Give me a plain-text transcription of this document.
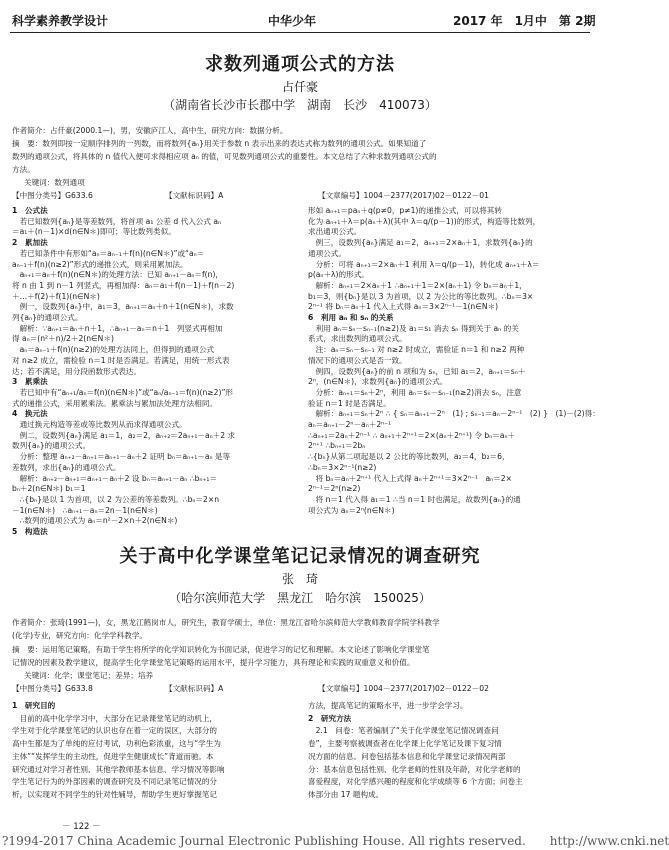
科学素养教学设计	中华少年	2017 年　1月中　第 2期
求数列通项公式的方法
占仟豪
（湖南省长沙市长郡中学　湖南　长沙　410073）
作者简介：占仟豪(2000.1—)，男，安徽庐江人，高中生，研究方向：数据分析。
摘　要：数列即按一定顺序排列的一列数，而将数列{aₙ}用关于参数 n 表示出来的表达式称为数列的通项公式。如果知道了
数列的通项公式，将具体的 n 值代入便可求得相应项 aₙ 的值，可见数列通项公式的重要性。本文总结了六种求数列通项公式的
方法。
关键词：数列通项
【中图分类号】G633.6	【文献标识码】A	【文章编号】1004－2377(2017)02－0122－01
1　公式法
　若已知数列{aₙ}是等差数列，将首项 a₁ 公差 d 代入公式 aₙ
＝a₁＋(n－1)×d(n∈N＊)即可；等比数列类似。
2　累加法
　若已知条件中有形如“aₙ＝aₙ₋₁＋f(n)(n∈N＊)”或“aₙ＝
aₙ₋₁＋f(n)(n≥2)”形式的递推公式，则采用累加法。
　aₙ₊₁＝aₙ＋f(n)(n∈N＊)的处理方法：已知 aₙ₊₁－aₙ＝f(n)，
将 n 由 1 到 n－1 列竖式，再相加得：aₙ＝a₁＋f(n－1)＋f(n－2)
＋…＋f(2)＋f(1)(n∈N＊)
　例一，设数列{aₙ}中，a₁＝3，aₙ₊₁＝aₙ＋n＋1(n∈N＊)，求数
列{aₙ}的通项公式。
　解析：∵aₙ₊₁＝aₙ＋n＋1，∴aₙ₊₁－aₙ＝n＋1　列竖式再相加
得 aₙ＝(n²＋n)/2＋2(n∈N＊)
　aₙ＝aₙ₋₁＋f(n)(n≥2)的处理方法同上，但得到的通项公式
对 n≥2 成立，需检验 n＝1 时是否满足。若满足，用统一形式表
达；若不满足，用分段函数形式表达。
3　累乘法
　若已知中有“aₙ₊₁/aₙ＝f(n)(n∈N＊)”或“aₙ/aₙ₋₁＝f(n)(n≥2)”形
式的递推公式，采用累乘法。累乘法与累加法处理方法相同。
4　换元法
　通过换元构造等差或等比数列从而求得通项公式。
　例二，设数列{aₙ}满足 a₁＝1，a₂＝2，aₙ₊₂＝2aₙ₊₁－aₙ＋2 求
数列{aₙ}的通项公式。
　分析：整理 aₙ₊₂－aₙ₊₁＝aₙ₊₁－aₙ＋2 证明 bₙ＝aₙ₊₁－aₙ 是等
差数列，求出{aₙ}的通项公式。
　解析：aₙ₊₂－aₙ₊₁＝aₙ₊₁－aₙ＋2 设 bₙ＝aₙ₊₁－aₙ ∴bₙ₊₁＝
bₙ＋2(n∈N＊) b₁＝1
　∴{bₙ}是以 1 为首项，以 2 为公差的等差数列。∴bₙ＝2×n
－1(n∈N＊)　∴aₙ₊₁－aₙ＝2n－1(n∈N＊)
　∴数列的通项公式为 aₙ＝n²－2×n＋2(n∈N＊)
5　构造法
形如 aₙ₊₁＝paₙ＋q(p≠0，p≠1)的递推公式，可以将其转
化为 aₙ₊₁＋λ＝p(aₙ＋λ)(其中 λ＝q/(p－1))的形式，构造等比数列，
求出通项公式。
　例三，设数列{aₙ}满足 a₁＝2，aₙ₊₁＝2×aₙ＋1，求数列{aₙ}的
通项公式。
　分析：可将 aₙ₊₁＝2×aₙ＋1 利用 λ＝q/(p－1)，转化成 aₙ₊₁＋λ＝
p(aₙ＋λ)的形式。
　解析：aₙ₊₁＝2×aₙ＋1 ∴aₙ₊₁＋1＝2×(aₙ＋1) 令 bₙ＝aₙ＋1，
b₁＝3，则{bₙ}是以 3 为首项，以 2 为公比的等比数列。∴bₙ＝3×
2ⁿ⁻¹ 将 bₙ＝aₙ＋1 代入上式得 aₙ＝3×2ⁿ⁻¹－1(n∈N＊)
6　利用 aₙ 和 sₙ 的关系
　利用 aₙ＝sₙ－sₙ₋₁(n≥2)及 a₁＝s₁ 消去 sₙ 得到关于 aₙ 的关
系式，求出数列的通项公式。
　注：aₙ＝sₙ－sₙ₋₁ 对 n≥2 时成立，需验证 n＝1 和 n≥2 两种
情况下的通项公式是否一致。
　例四，设数列{aₙ}的前 n 项和为 sₙ，已知 a₁＝2，aₙ₊₁＝sₙ＋
2ⁿ，(n∈N＊)，求数列{aₙ}的通项公式。
　分析：aₙ₊₁＝sₙ＋2ⁿ，利用 aₙ＝sₙ－sₙ₋₁(n≥2)消去 sₙ，注意
验证 n＝1 时是否满足。
　解析：aₙ₊₁＝sₙ＋2ⁿ ∴ { sₙ＝aₙ₊₁－2ⁿ　(1) ; sₙ₋₁＝aₙ－2ⁿ⁻¹　(2) }　(1)－(2)得：
aₙ＝aₙ₊₁－2ⁿ－aₙ＋2ⁿ⁻¹
∴aₙ₊₁＝2aₙ＋2ⁿ⁻¹ ∴ aₙ₊₁＋2ⁿ⁺¹＝2×(aₙ＋2ⁿ⁺¹) 令 bₙ＝aₙ＋
2ⁿ⁺¹ ∴bₙ₊₁＝2bₙ
∴{bₙ}从第二项起是以 2 公比的等比数列，a₂＝4，b₂＝6，
∴bₙ＝3×2ⁿ⁻¹(n≥2)
　将 bₙ＝aₙ＋2ⁿ⁺¹ 代入上式得 aₙ＋2ⁿ⁺¹＝3×2ⁿ⁻¹　aₙ＝2×
2ⁿ⁻¹＝2ⁿ(n≥2)
　将 n＝1 代入得 a₁＝1 ∴当 n＝1 时也满足，故数列{aₙ}的通
项公式为 aₙ＝2ⁿ(n∈N＊)
关于高中化学课堂笔记记录情况的调查研究
张　琦
（哈尔滨师范大学　黑龙江　哈尔滨　150025）
作者简介：张琦(1991—)，女，黑龙江鹤岗市人，研究生，教育学硕士，单位：黑龙江省哈尔滨师范大学教师教育学院学科教学
(化学)专业，研究方向：化学学科教学。
摘　要：运用笔记策略，有助于学生将所学的化学知识转化为书面记录，促进学习的记忆和理解。本文论述了影响化学课堂笔
记情况的因素及教学建议，提高学生化学课堂笔记策略的运用水平，提升学习能力，具有理论和实践的双重意义和价值。
关键词：化学；课堂笔记；差异；培养
【中图分类号】G633.8	【文献标识码】A	【文章编号】1004－2377(2017)02－0122－02
1　研究目的
　目前的高中化学学习中，大部分在记录课堂笔记的动机上，
学生对于化学课堂笔记的认识也存在着一定的误区，大部分的
高中生都是为了单纯的应付考试，功利色彩浓重，这与“学生为
主体”“发挥学生的主动性，促进学生健康成长”背道而驰。本
研究通过对学习者性别、其他学教师基本信息、学习情况等影响
学生笔记行为的外部因素的调查研究及不同记录笔记情况的分
析，以实现对不同学生的针对性辅导，帮助学生更好掌握笔记
方法，提高笔记的策略水平，进一步学会学习。
2　研究方法
　2.1　问卷：笔者编制了“关于化学课堂笔记情况调查问
卷”，主要考察被调查者在化学课上化学笔记及课下复习情
况方面的信息。问卷包括基本信息和化学课堂记录情况两部
分：基本信息包括性别、化学老师的性别及年龄，对化学老师的
喜爱程度，对化学感兴趣的程度和化学成绩等 6 个方面；问卷主
体部分由 17 题构成。
－ 122 －
?1994-2017 China Academic Journal Electronic Publishing House. All rights reserved.　　http://www.cnki.net
